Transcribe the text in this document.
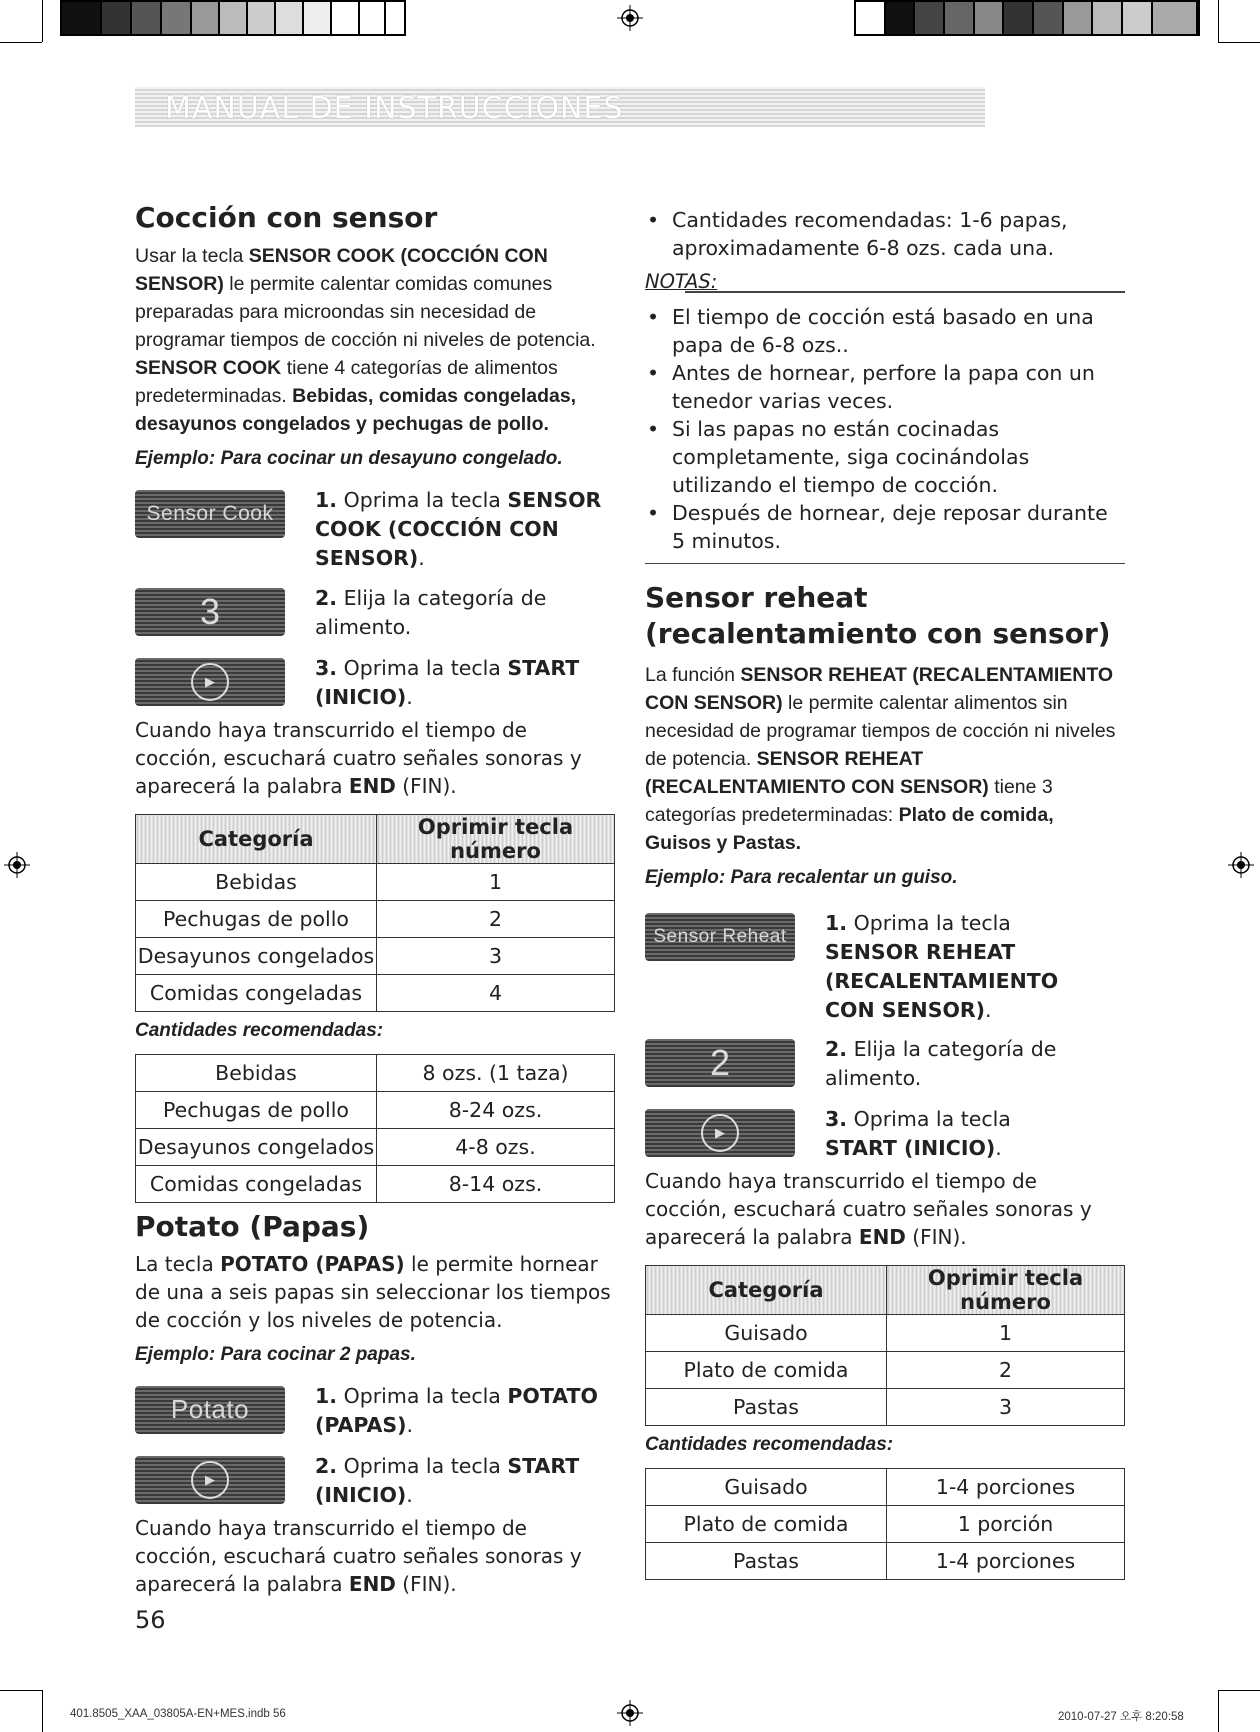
MANUAL DE INSTRUCCIONES
Cocción con sensor

Usar la tecla SENSOR COOK (COCCIÓN CON SENSOR) le permite calentar comidas comunes preparadas para microondas sin necesidad de programar tiempos de cocción ni niveles de potencia. SENSOR COOK tiene 4 categorías de alimentos predeterminadas. Bebidas, comidas congeladas, desayunos congelados y pechugas de pollo.

Ejemplo: Para cocinar un desayuno congelado.

Sensor Cook
1. Oprima la tecla SENSOR COOK (COCCIÓN CON SENSOR).
3	2. Elija la categoría de alimento.
▶
3. Oprima la tecla START (INICIO).

Cuando haya transcurrido el tiempo de cocción, escuchará cuatro señales sonoras y aparecerá la palabra END (FIN).

Categoría	Oprimir tecla número
Bebidas	1
Pechugas de pollo	2
Desayunos congelados	3
Comidas congeladas	4

Cantidades recomendadas:

Bebidas	8 ozs. (1 taza)
Pechugas de pollo	8-24 ozs.
Desayunos congelados	4-8 ozs.
Comidas congeladas	8-14 ozs.
Potato (Papas)

La tecla POTATO (PAPAS) le permite hornear de una a seis papas sin seleccionar los tiempos de cocción y los niveles de potencia.

Ejemplo: Para cocinar 2 papas.

Potato	1. Oprima la tecla POTATO (PAPAS).
▶
2. Oprima la tecla START (INICIO).

Cuando haya transcurrido el tiempo de cocción, escuchará cuatro señales sonoras y aparecerá la palabra END (FIN).

56
• Cantidades recomendadas: 1-6 papas, aproximadamente 6-8 ozs. cada una.
NOTAS:
• El tiempo de cocción está basado en una papa de 6-8 ozs..
• Antes de hornear, perfore la papa con un tenedor varias veces.
• Si las papas no están cocinadas completamente, siga cocinándolas utilizando el tiempo de cocción.
• Después de hornear, deje reposar durante 5 minutos.
Sensor reheat
(recalentamiento con sensor)

La función SENSOR REHEAT (RECALENTAMIENTO CON SENSOR) le permite calentar alimentos sin necesidad de programar tiempos de cocción ni niveles de potencia. SENSOR REHEAT (RECALENTAMIENTO CON SENSOR) tiene 3 categorías predeterminadas: Plato de comida, Guisos y Pastas.

Ejemplo: Para recalentar un guiso.

Sensor Reheat
1. Oprima la tecla SENSOR REHEAT (RECALENTAMIENTO CON SENSOR).
2	2. Elija la categoría de alimento.
▶
3. Oprima la tecla START (INICIO).

Cuando haya transcurrido el tiempo de cocción, escuchará cuatro señales sonoras y aparecerá la palabra END (FIN).

Categoría	Oprimir tecla número
Guisado	1
Plato de comida	2
Pastas	3

Cantidades recomendadas:

Guisado	1-4 porciones
Plato de comida	1 porción
Pastas	1-4 porciones
401.8505_XAA_03805A-EN+MES.indb 56	2010-07-27 오후 8:20:58
